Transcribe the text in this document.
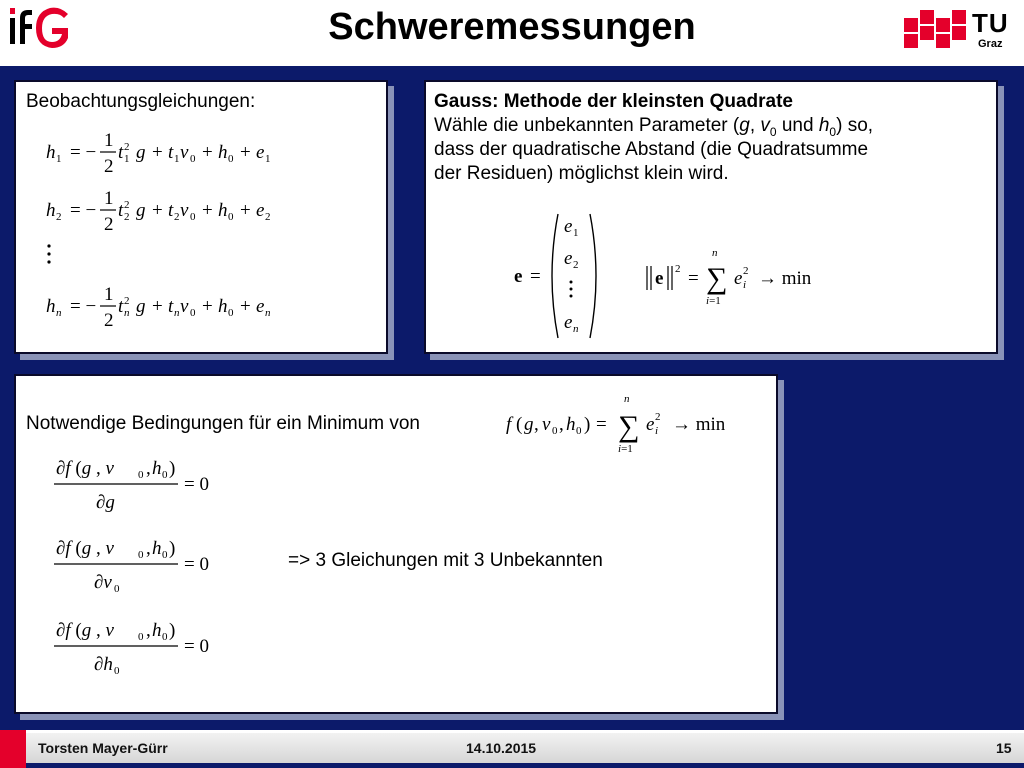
TU
Graz
Schweremessungen
Beobachtungsgleichungen:
h 1 = −
1
2
t 2
1 g + t 1 v 0 + h 0 + e 1
h 2 = −
1
2
t 2
2 g + t 2 v 0 + h 0 + e 2
h n = −
1
2
t 2
n g + t n v 0 + h 0 + e n
Gauss: Methode der kleinsten Quadrate
Wähle die unbekannten Parameter (g, $v_0$ und $h_0$) so,
dass der quadratische Abstand (die Quadratsumme
der Residuen) möglichst klein wird.
e =
e 1
e 2
e n
e 2 =
n
∑
i=1
e 2
i → min
Notwendige Bedingungen für ein Minimum von	f ( g , v 0 , h 0 ) =
n
∑
i=1
e 2
i → min
∂f (g , v 0 , h 0 )
∂g
= 0
∂f (g , v 0 , h 0 )
∂v 0
= 0
∂f (g , v 0 , h 0 )
∂h 0
= 0
=> 3 Gleichungen mit 3 Unbekannten
Torsten Mayer-Gürr	14.10.2015	15
